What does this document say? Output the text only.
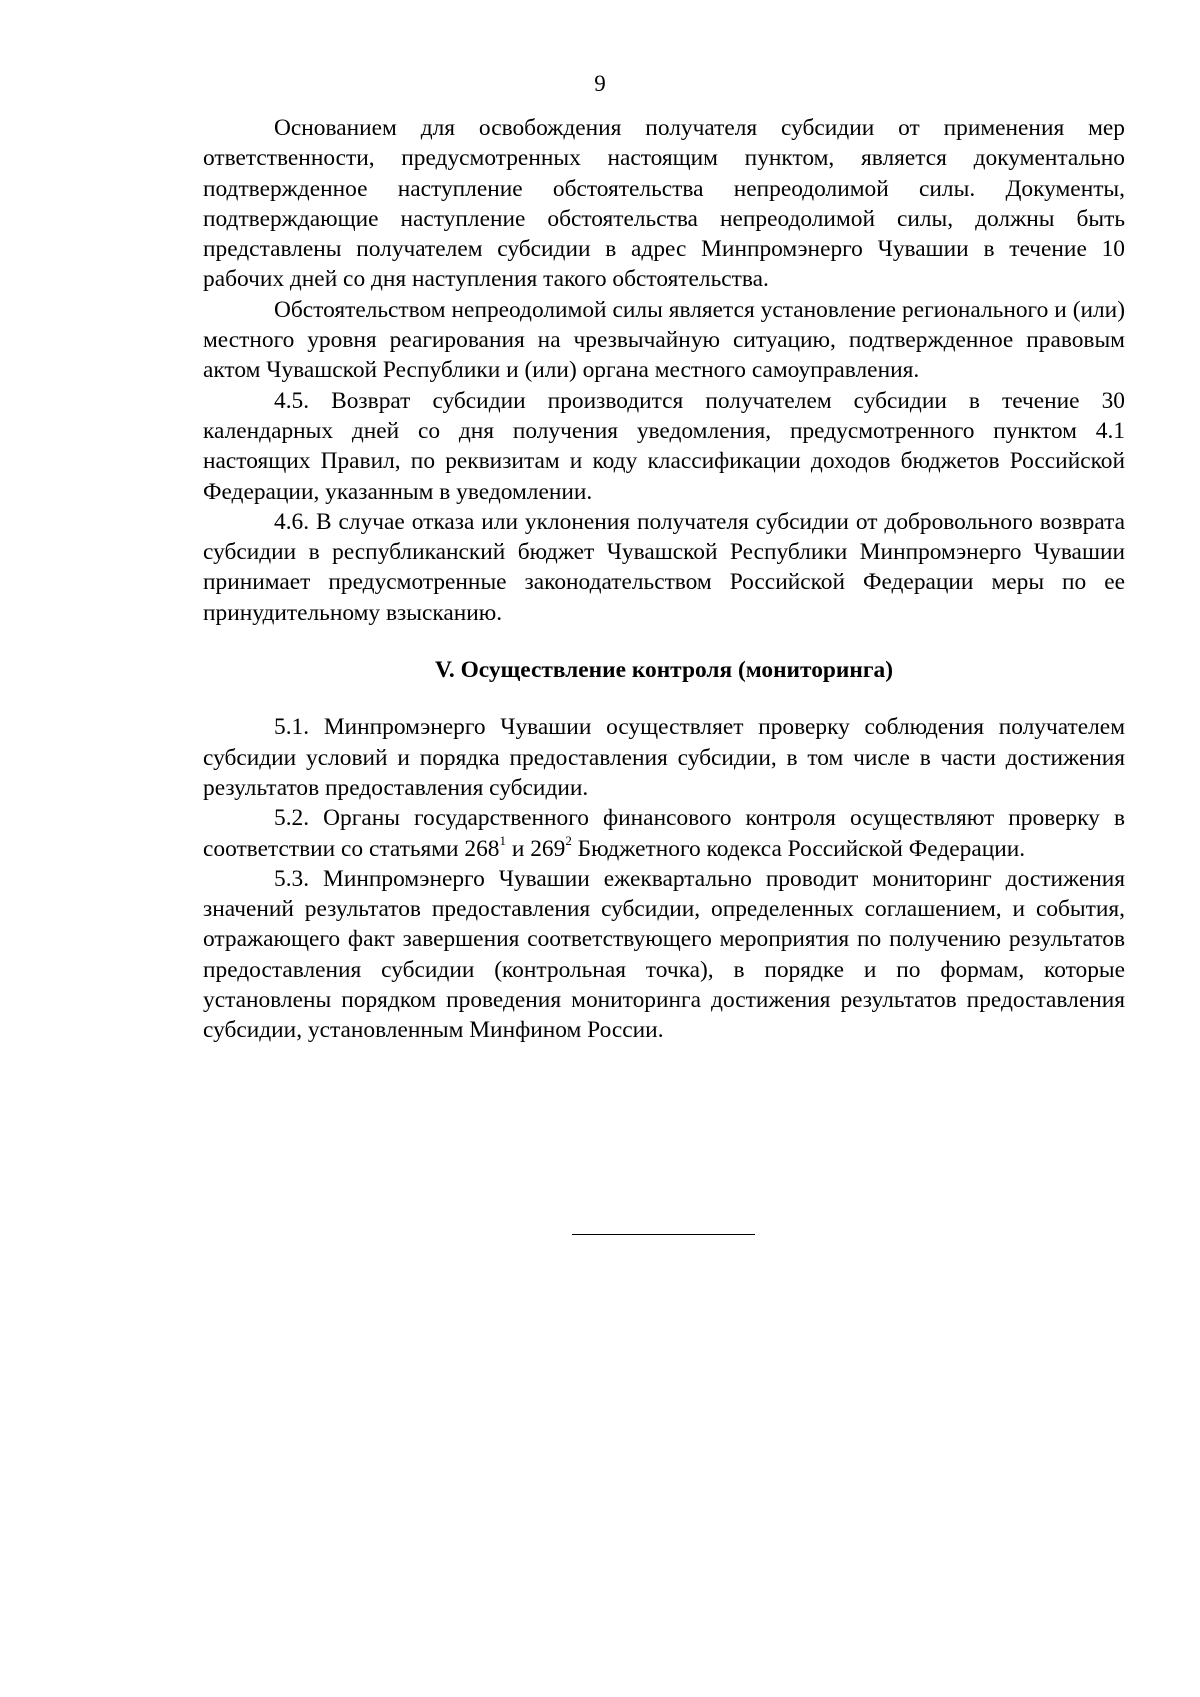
9

Основанием для освобождения получателя субсидии от применения мер ответственности, предусмотренных настоящим пунктом, является документально подтвержденное наступление обстоятельства непреодолимой силы. Документы, подтверждающие наступление обстоятельства непреодолимой силы, должны быть представлены получателем субсидии в адрес Минпромэнерго Чувашии в течение 10 рабочих дней со дня наступления такого обстоятельства.

Обстоятельством непреодолимой силы является установление регионального и (или) местного уровня реагирования на чрезвычайную ситуацию, подтвержденное правовым актом Чувашской Республики и (или) органа местного самоуправления.

4.5. Возврат субсидии производится получателем субсидии в течение 30 календарных дней со дня получения уведомления, предусмотренного пунктом 4.1 настоящих Правил, по реквизитам и коду классификации доходов бюджетов Российской Федерации, указанным в уведомлении.

4.6. В случае отказа или уклонения получателя субсидии от добровольного возврата субсидии в республиканский бюджет Чувашской Республики Минпромэнерго Чувашии принимает предусмотренные законодательством Российской Федерации меры по ее принудительному взысканию.

V. Осуществление контроля (мониторинга)

5.1. Минпромэнерго Чувашии осуществляет проверку соблюдения получателем субсидии условий и порядка предоставления субсидии, в том числе в части достижения результатов предоставления субсидии.

5.2. Органы государственного финансового контроля осуществляют проверку в соответствии со статьями $268^1$ и $269^2$ Бюджетного кодекса Российской Федерации.

5.3. Минпромэнерго Чувашии ежеквартально проводит мониторинг достижения значений результатов предоставления субсидии, определенных соглашением, и события, отражающего факт завершения соответствующего мероприятия по получению результатов предоставления субсидии (контрольная точка), в порядке и по формам, которые установлены порядком проведения мониторинга достижения результатов предоставления субсидии, установленным Минфином России.
